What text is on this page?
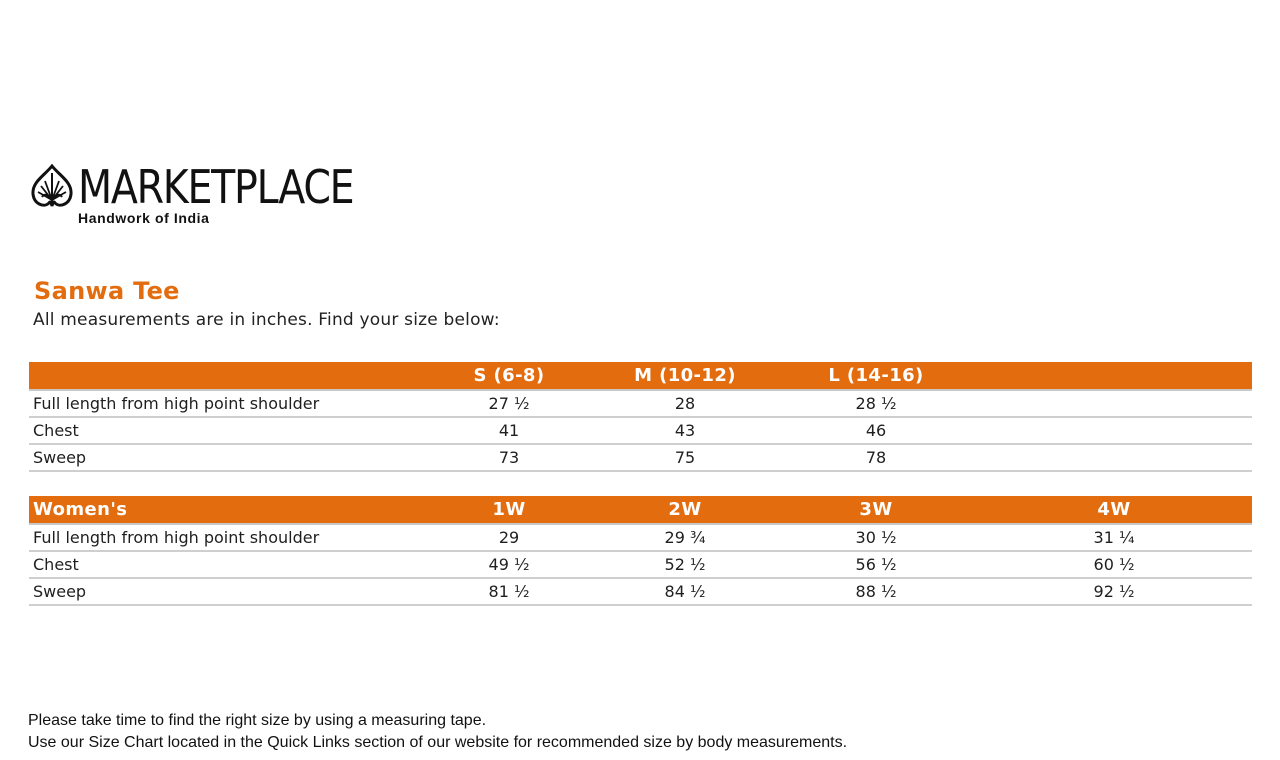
MARKETPLACE
Handwork of India
Sanwa Tee
All measurements are in inches. Find your size below:
	S (6-8)	M (10-12)	L (14-16)	
Full length from high point shoulder	27 ½	28	28 ½	
Chest	41	43	46	
Sweep	73	75	78	
Women's	1W	2W	3W	4W
Full length from high point shoulder	29	29 ¾	30 ½	31 ¼
Chest	49 ½	52 ½	56 ½	60 ½
Sweep	81 ½	84 ½	88 ½	92 ½
Please take time to find the right size by using a measuring tape.
Use our Size Chart located in the Quick Links section of our website for recommended size by body measurements.
